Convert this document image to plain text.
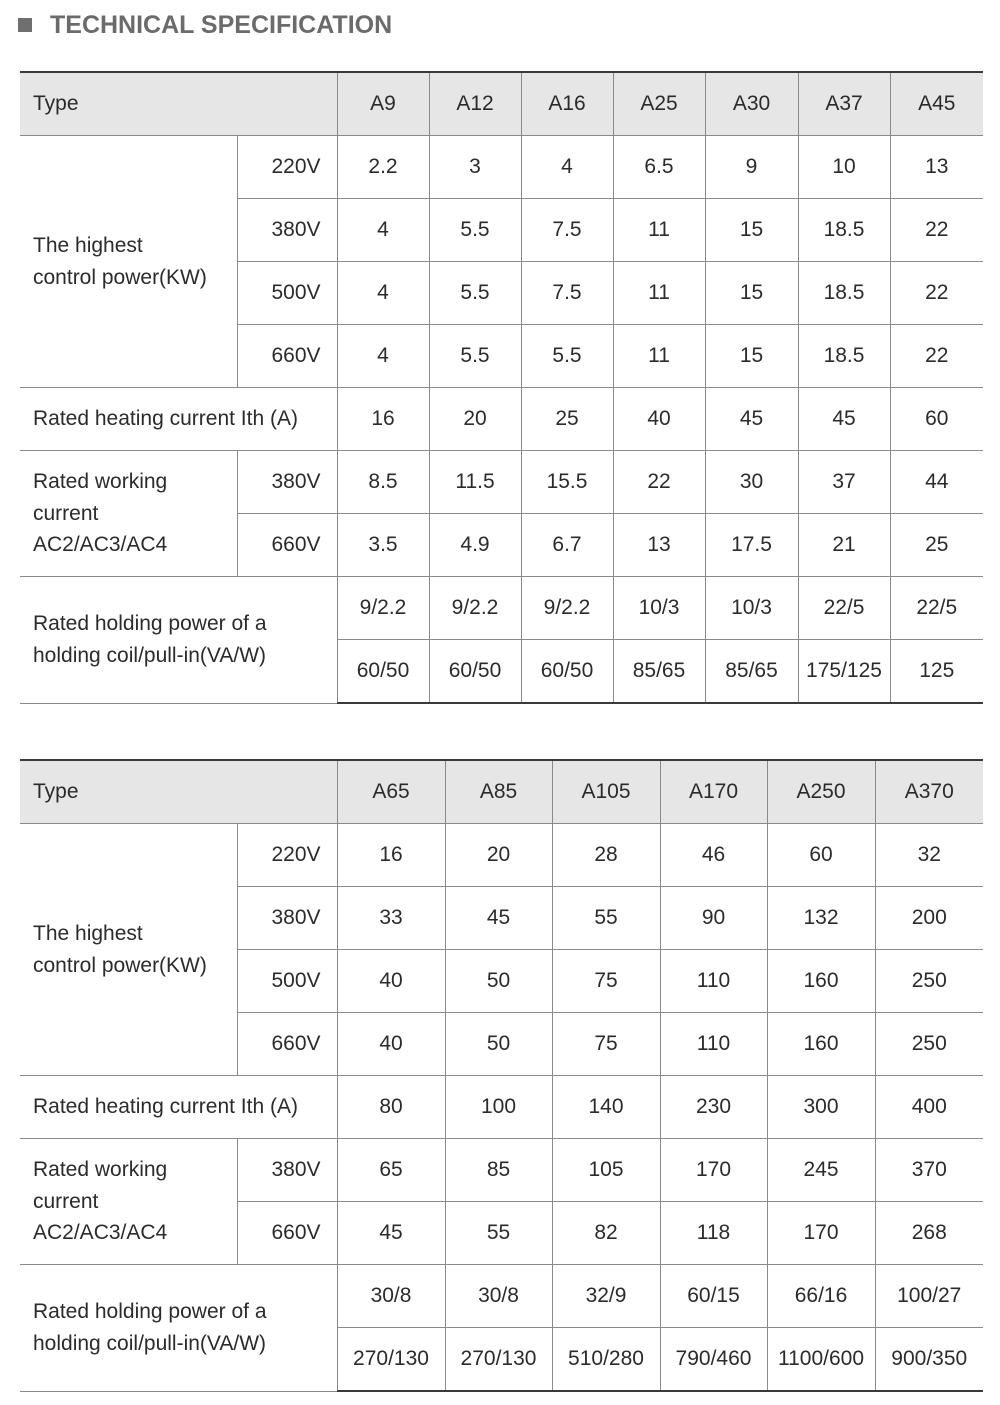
TECHNICAL SPECIFICATION
Type		A9	A12	A16	A25	A30	A37	A45

The highest
control power(KW)	220V	2.2	3	4	6.5	9	10	13
	380V	4	5.5	7.5	11	15	18.5	22
	500V	4	5.5	7.5	11	15	18.5	22
	660V	4	5.5	5.5	11	15	18.5	22
Rated heating current Ith (A)		16	20	25	40	45	45	60

Rated working
current
AC2/AC3/AC4	380V	8.5	11.5	15.5	22	30	37	44
	660V	3.5	4.9	6.7	13	17.5	21	25

Rated holding power of a
holding coil/pull-in(VA/W)		9/2.2	9/2.2	9/2.2	10/3	10/3	22/5	22/5
		60/50	60/50	60/50	85/65	85/65	175/125	125
Type		A65	A85	A105	A170	A250	A370

The highest
control power(KW)	220V	16	20	28	46	60	32
	380V	33	45	55	90	132	200
	500V	40	50	75	110	160	250
	660V	40	50	75	110	160	250
Rated heating current Ith (A)		80	100	140	230	300	400

Rated working
current
AC2/AC3/AC4	380V	65	85	105	170	245	370
	660V	45	55	82	118	170	268

Rated holding power of a
holding coil/pull-in(VA/W)		30/8	30/8	32/9	60/15	66/16	100/27
		270/130	270/130	510/280	790/460	1100/600	900/350
